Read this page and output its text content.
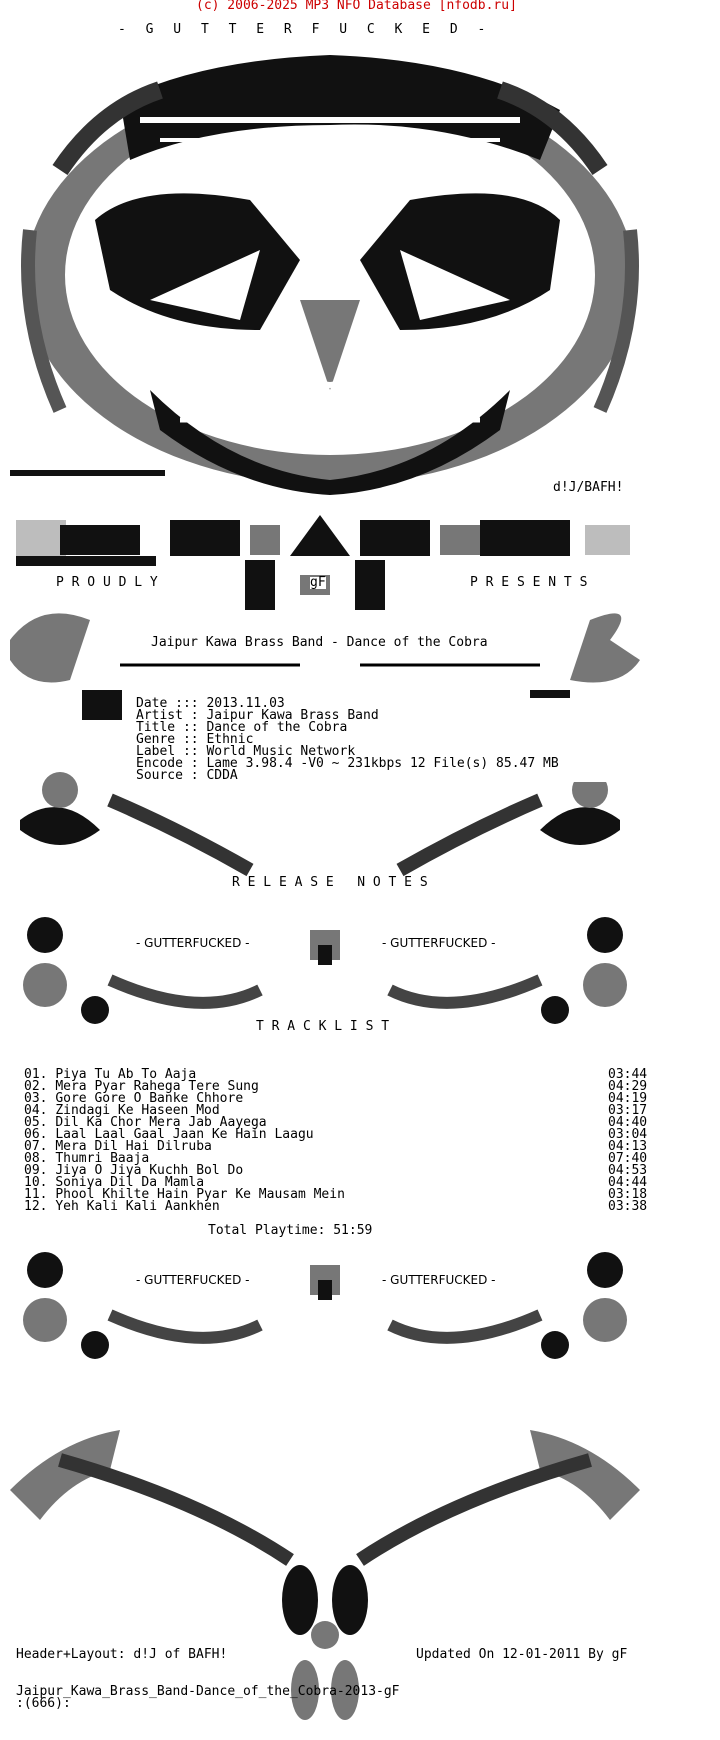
(c) 2006-2025 MP3 NFO Database [nfodb.ru]
- G U T T E R F U C K E D -
d!J/BAFH!
P R O U D L Y	gF	P R E S E N T S
Jaipur Kawa Brass Band - Dance of the Cobra
Date ::: 2013.11.03
Artist : Jaipur Kawa Brass Band
Title :: Dance of the Cobra
Genre :: Ethnic
Label :: World Music Network
Encode : Lame 3.98.4 -V0 ~ 231kbps 12 File(s) 85.47 MB
Source : CDDA
R E L E A S E   N O T E S
- GUTTERFUCKED -	- GUTTERFUCKED -
T R A C K L I S T
01. Piya Tu Ab To Aaja	03:44
02. Mera Pyar Rahega Tere Sung	04:29
03. Gore Gore O Banke Chhore	04:19
04. Zindagi Ke Haseen Mod	03:17
05. Dil Ka Chor Mera Jab Aayega	04:40
06. Laal Laal Gaal Jaan Ke Hain Laagu	03:04
07. Mera Dil Hai Dilruba	04:13
08. Thumri Baaja	07:40
09. Jiya O Jiya Kuchh Bol Do	04:53
10. Soniya Dil Da Mamla	04:44
11. Phool Khilte Hain Pyar Ke Mausam Mein	03:18
12. Yeh Kali Kali Aankhen	03:38
Total Playtime: 51:59
- GUTTERFUCKED -	- GUTTERFUCKED -
Header+Layout: d!J of BAFH!	Updated On 12-01-2011 By gF
Jaipur_Kawa_Brass_Band-Dance_of_the_Cobra-2013-gF
:(666):
